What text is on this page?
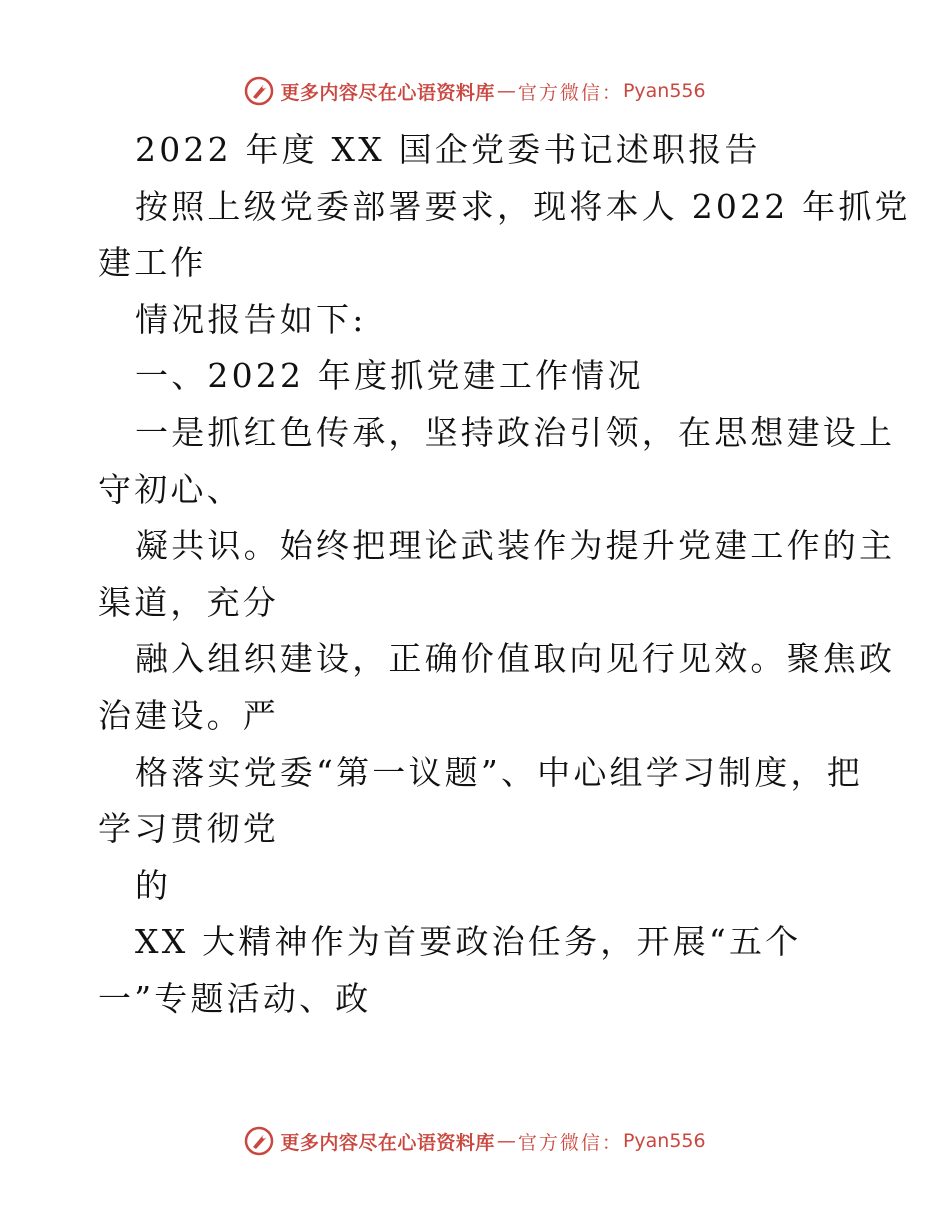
更多内容尽在心语资料库 — 官方微信： Pyan556
2022 年度 XX 国企党委书记述职报告
按照上级党委部署要求，现将本人 2022 年抓党
建工作
情况报告如下:
一、2022 年度抓党建工作情况
一是抓红色传承，坚持政治引领，在思想建设上
守初心、
凝共识。始终把理论武装作为提升党建工作的主
渠道，充分
融入组织建设，正确价值取向见行见效。聚焦政
治建设。严
格落实党委“第一议题”、中心组学习制度，把
学习贯彻党
的
XX 大精神作为首要政治任务，开展“五个
一”专题活动、政
更多内容尽在心语资料库 — 官方微信： Pyan556
